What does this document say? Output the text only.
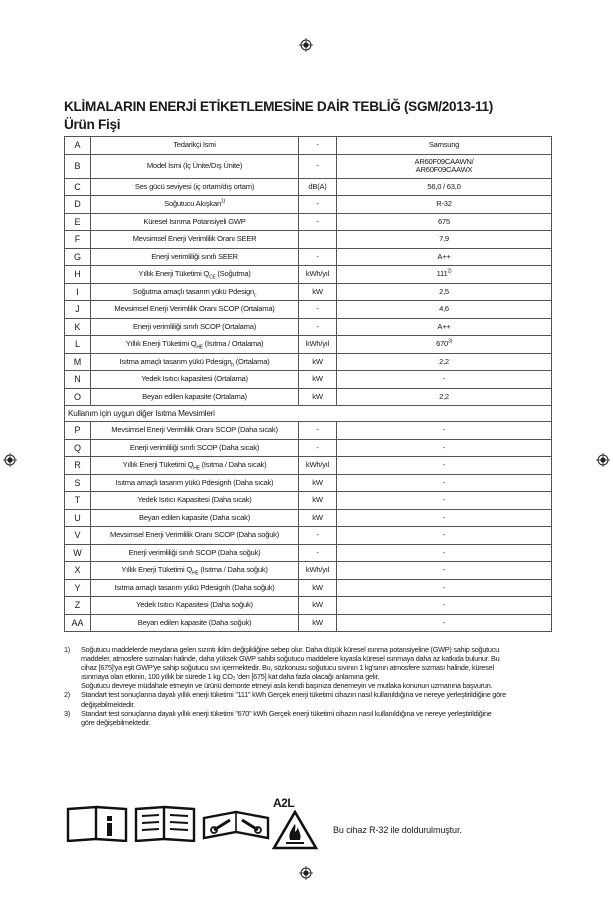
KLİMALARIN ENERJİ ETİKETLEMESİNE DAİR TEBLİĞ (SGM/2013-11)
Ürün Fişi
A	Tedarikçi İsmi	-	Samsung
B	Model İsmi (İç Ünite/Dış Ünite)	-	AR60F09CAAWN/
AR60F09CAAWX
C	Ses gücü seviyesi (iç ortam/dış ortam)	dB(A)	56,0 / 63,0
D	Soğutucu Akışkan$^{1)}$	-	R-32
E	Küresel Isınma Potansiyeli GWP	-	675
F	Mevsimsel Enerji Verimlilik Oranı SEER		7,9
G	Enerji verimliliği sınıfı SEER	-	A++
H	Yıllık Enerji Tüketimi $Q_{CE}$ (Soğutma)	kWh/yıl	111$^{2)}$
I	Soğutma amaçlı tasarım yükü Pdesign$_c$	kW	2,5
J	Mevsimsel Enerji Verimlilik Oranı SCOP (Ortalama)	-	4,6
K	Enerji verimliliği sınıfı SCOP (Ortalama)	-	A++
L	Yıllık Enerji Tüketimi $Q_{HE}$ (Isıtma / Ortalama)	kWh/yıl	670$^{3)}$
M	Isıtma amaçlı tasarım yükü Pdesign$_h$ (Ortalama)	kW	2,2
N	Yedek Isıtıcı kapasitesi (Ortalama)	kW	-
O	Beyan edilen kapasite (Ortalama)	kW	2,2
Kullanım için uygun diğer Isıtma Mevsimleri			
P	Mevsimsel Enerji Verimlilik Oranı SCOP (Daha sıcak)	-	-
Q	Enerji verimliliği sınıfı SCOP (Daha sıcak)	-	-
R	Yıllık Enerji Tüketimi $Q_{HE}$ (Isıtma / Daha sıcak)	kWh/yıl	-
S	Isıtma amaçlı tasarım yükü Pdesignh (Daha sıcak)	kW	-
T	Yedek Isıtıcı Kapasitesi (Daha sıcak)	kW	-
U	Beyan edilen kapasite (Daha sıcak)	kW	-
V	Mevsimsel Enerji Verimlilik Oranı SCOP (Daha soğuk)	-	-
W	Enerji verimliliği sınıfı SCOP (Daha soğuk)	-	-
X	Yıllık Enerji Tüketimi $Q_{HE}$ (Isıtma / Daha soğuk)	kWh/yıl	-
Y	Isıtma amaçlı tasarım yükü Pdesignh (Daha soğuk)	kW	-
Z	Yedek Isıtıcı Kapasitesi (Daha soğuk)	kW	-
AA	Beyan edilen kapasite (Daha soğuk)	kW	-
1) Soğutucu maddelerde meydana gelen sızıntı iklim değişikliğine sebep olur. Daha düşük küresel ısınma potansiyeline (GWP) sahip soğutucu
maddeler, atmosfere sızmaları halinde, daha yüksek GWP sahibi soğutucu maddelere kıyasla küresel ısınmaya daha az katkıda bulunur. Bu
cihaz [675]'ya eşit GWP'ye sahip soğutucu sıvı içermektedir. Bu, sözkonusu soğutucu sıvının 1 kg'sının atmosfere sızması halinde, küresel
ısınmaya olan etkinin, 100 yıllık bir sürede 1 kg CO₂ 'den [675] kat daha fazla olacağı anlamına gelir.
Soğutucu devreye müdahale etmeyin ve ürünü demonte etmeyi asla kendi başınıza denemeyin ve mutlaka konunun uzmanına başvurun.
2) Standart test sonuçlarına dayalı yıllık enerji tüketimi "111" kWh Gerçek enerji tüketimi cihazın nasıl kullanıldığına ve nereye yerleştirildiğine göre
değişebilmektedir.
3) Standart test sonuçlarına dayalı yıllık enerji tüketimi "670" kWh Gerçek enerji tüketimi cihazın nasıl kullanıldığına ve nereye yerleştirildiğine
göre değişebilmektedir.
A2L
Bu cihaz R-32 ile doldurulmuştur.
